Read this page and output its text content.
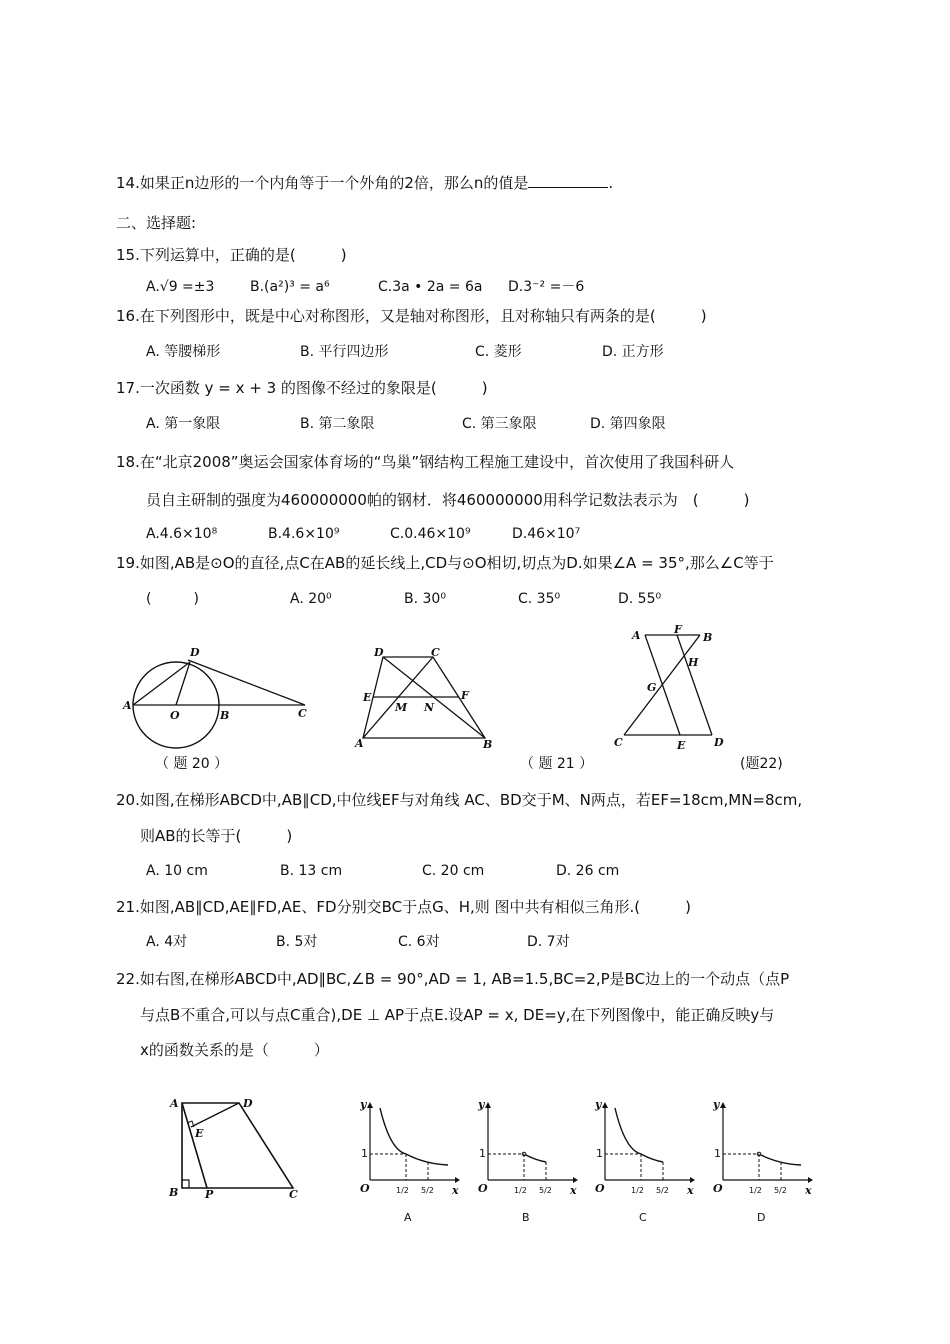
14.如果正n边形的一个内角等于一个外角的2倍，那么n的值是	.
二、选择题:
15.下列运算中，正确的是(　　　)
A.√9 =±3	B.(a²)³ = a⁶	C.3a • 2a = 6a D.3⁻² =－6
16.在下列图形中，既是中心对称图形，又是轴对称图形，且对称轴只有两条的是(　　　)
A. 等腰梯形	B. 平行四边形	C. 菱形	D. 正方形
17.一次函数 y = x + 3 的图像不经过的象限是(　　　)
A. 第一象限	B. 第二象限	C. 第三象限	D. 第四象限
18.在“北京2008”奥运会国家体育场的“鸟巢”钢结构工程施工建设中，首次使用了我国科研人
员自主研制的强度为460000000帕的钢材．将460000000用科学记数法表示为　(　　　)
A.4.6×10⁸	B.4.6×10⁹	C.0.46×10⁹	D.46×10⁷
19.如图,AB是⊙O的直径,点C在AB的延长线上,CD与⊙O相切,切点为D.如果∠A = 35°,那么∠C等于
(　　　)	A. 20⁰	B. 30⁰	C. 35⁰	D. 55⁰
D
A
O	B	C
D	C
E	F
M N
A	B
A	F
B
H
G
C	E	D
（ 题 20 ）	（ 题 21 ）	(题22)
20.如图,在梯形ABCD中,AB∥CD,中位线EF与对角线 AC、BD交于M、N两点，若EF=18cm,MN=8cm,
则AB的长等于(　　　)
A. 10 cm	B. 13 cm	C. 20 cm	D. 26 cm
21.如图,AB∥CD,AE∥FD,AE、FD分别交BC于点G、H,则 图中共有相似三角形.(　　　)
A. 4对	B. 5对	C. 6对	D. 7对
22.如右图,在梯形ABCD中,AD∥BC,∠B = 90°,AD = 1, AB=1.5,BC=2,P是BC边上的一个动点（点P
与点B不重合,可以与点C重合),DE ⊥ AP于点E.设AP = x, DE=y,在下列图像中，能正确反映y与
x的函数关系的是（　　　）
A	D
E
B P	C
y
x
O
1
1/2 5/2
A
y
x
O
1
1/2 5/2
B
y
x
O
1
1/2 5/2
C
y
x
O
1
1/2 5/2
D
